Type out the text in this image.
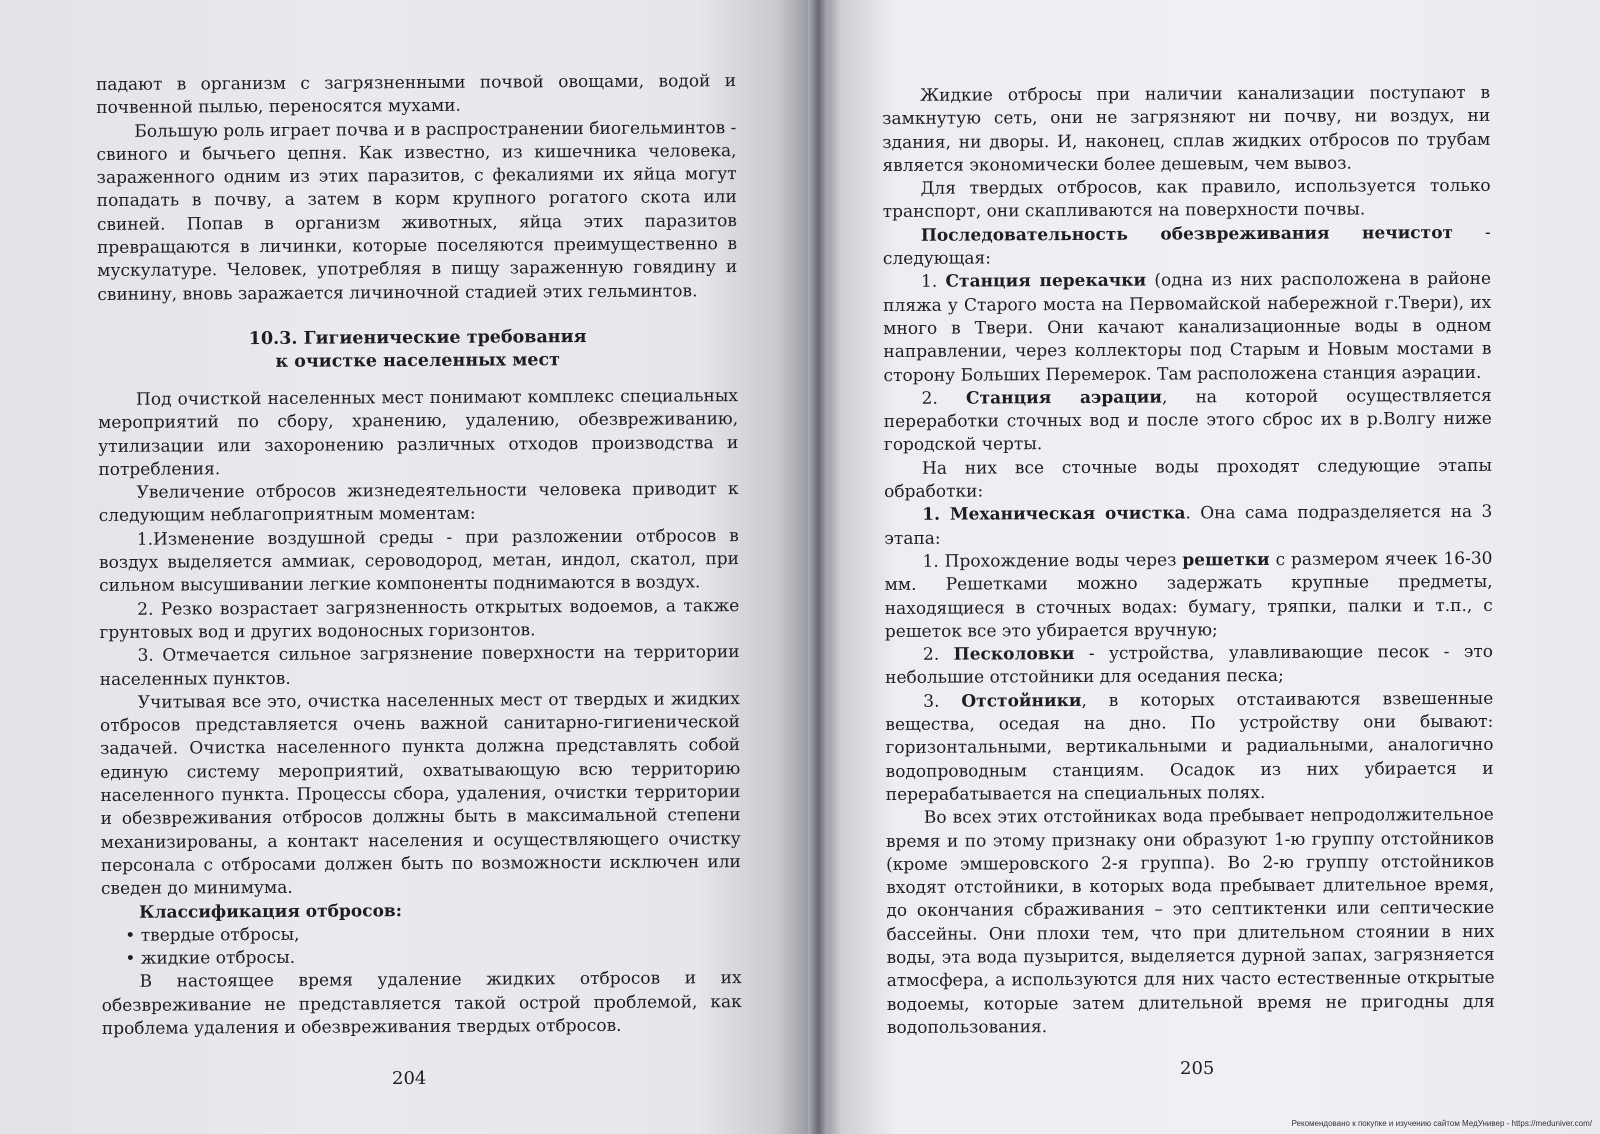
падают в организм с загрязненными почвой овощами, водой и почвенной пылью, переносятся мухами.

Большую роль играет почва и в распространении биогельминтов - свиного и бычьего цепня. Как известно, из кишечника человека, зараженного одним из этих паразитов, с фекалиями их яйца могут попадать в почву, а затем в корм крупного рогатого скота или свиней. Попав в организм животных, яйца этих паразитов превращаются в личинки, которые поселяются преимущественно в мускулатуре. Человек, употребляя в пищу зараженную говядину и свинину, вновь заражается личиночной стадией этих гельминтов.

10.3. Гигиенические требования
к очистке населенных мест

Под очисткой населенных мест понимают комплекс специальных мероприятий по сбору, хранению, удалению, обезвреживанию, утилизации или захоронению различных отходов производства и потребления.

Увеличение отбросов жизнедеятельности человека приводит к следующим неблагоприятным моментам:

1.Изменение воздушной среды - при разложении отбросов в воздух выделяется аммиак, сероводород, метан, индол, скатол, при сильном высушивании легкие компоненты поднимаются в воздух.

2. Резко возрастает загрязненность открытых водоемов, а также грунтовых вод и других водоносных горизонтов.

3. Отмечается сильное загрязнение поверхности на территории населенных пунктов.

Учитывая все это, очистка населенных мест от твердых и жидких отбросов представляется очень важной санитарно-гигиенической задачей. Очистка населенного пункта должна представлять собой единую систему мероприятий, охватывающую всю территорию населенного пункта. Процессы сбора, удаления, очистки территории и обезвреживания отбросов должны быть в максимальной степени механизированы, а контакт населения и осуществляющего очистку персонала с отбросами должен быть по возможности исключен или сведен до минимума.

Классификация отбросов:

• твердые отбросы,

• жидкие отбросы.

В настоящее время удаление жидких отбросов и их обезвреживание не представляется такой острой проблемой, как проблема удаления и обезвреживания твердых отбросов.

204

Жидкие отбросы при наличии канализации поступают в замкнутую сеть, они не загрязняют ни почву, ни воздух, ни здания, ни дворы. И, наконец, сплав жидких отбросов по трубам является экономически более дешевым, чем вывоз.

Для твердых отбросов, как правило, используется только транспорт, они скапливаются на поверхности почвы.

Последовательность обезвреживания нечистот - следующая:

1. Станция перекачки (одна из них расположена в районе пляжа у Старого моста на Первомайской набережной г.Твери), их много в Твери. Они качают канализационные воды в одном направлении, через коллекторы под Старым и Новым мостами в сторону Больших Перемерок. Там расположена станция аэрации.

2. Станция аэрации, на которой осуществляется переработки сточных вод и после этого сброс их в р.Волгу ниже городской черты.

На них все сточные воды проходят следующие этапы обработки:

1. Механическая очистка. Она сама подразделяется на 3 этапа:

1. Прохождение воды через решетки с размером ячеек 16-30 мм. Решетками можно задержать крупные предметы, находящиеся в сточных водах: бумагу, тряпки, палки и т.п., с решеток все это убирается вручную;

2. Песколовки - устройства, улавливающие песок - это небольшие отстойники для оседания песка;

3. Отстойники, в которых отстаиваются взвешенные вещества, оседая на дно. По устройству они бывают: горизонтальными, вертикальными и радиальными, аналогично водопроводным станциям. Осадок из них убирается и перерабатывается на специальных полях.

Во всех этих отстойниках вода пребывает непродолжительное время и по этому признаку они образуют 1-ю группу отстойников (кроме эмшеровского 2-я группа). Во 2-ю группу отстойников входят отстойники, в которых вода пребывает длительное время, до окончания сбраживания – это септиктенки или септические бассейны. Они плохи тем, что при длительном стоянии в них воды, эта вода пузырится, выделяется дурной запах, загрязняется атмосфера, а используются для них часто естественные открытые водоемы, которые затем длительной время не пригодны для водопользования.

205
Рекомендовано к покупке и изучению сайтом МедУнивер - https://meduniver.com/
